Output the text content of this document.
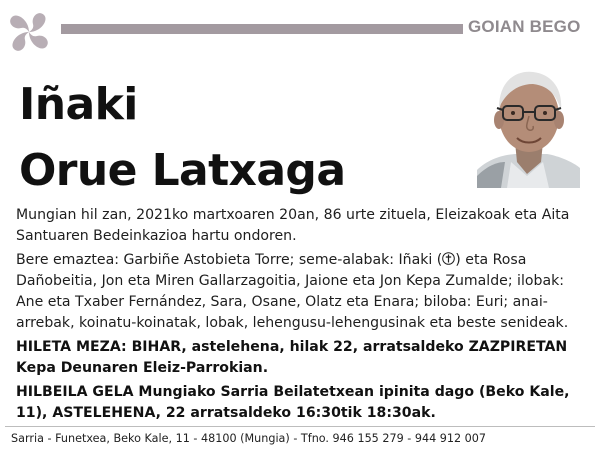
GOIAN BEGO
Iñaki
Orue Latxaga

Mungian hil zan, 2021ko martxoaren 20an, 86 urte zituela, Eleizakoak eta Aita Santuaren Bedeinkazioa hartu ondoren.

Bere emaztea: Garbiñe Astobieta Torre; seme-alabak: Iñaki ( ) eta Rosa Dañobeitia, Jon eta Miren Gallarzagoitia, Jaione eta Jon Kepa Zumalde; ilobak: Ane eta Txaber Fernández, Sara, Osane, Olatz eta Enara; biloba: Euri; anai-arrebak, koinatu-koinatak, lobak, lehengusu-lehengusinak eta beste senideak.

HILETA MEZA: BIHAR, astelehena, hilak 22, arratsaldeko ZAZPIRETAN Kepa Deunaren Eleiz-Parrokian.

HILBEILA GELA Mungiako Sarria Beilatetxean ipinita dago (Beko Kale, 11), ASTELEHENA, 22 arratsaldeko 16:30tik 18:30ak.

Sarria - Funetxea, Beko Kale, 11 - 48100 (Mungia) - Tfno. 946 155 279 - 944 912 007
